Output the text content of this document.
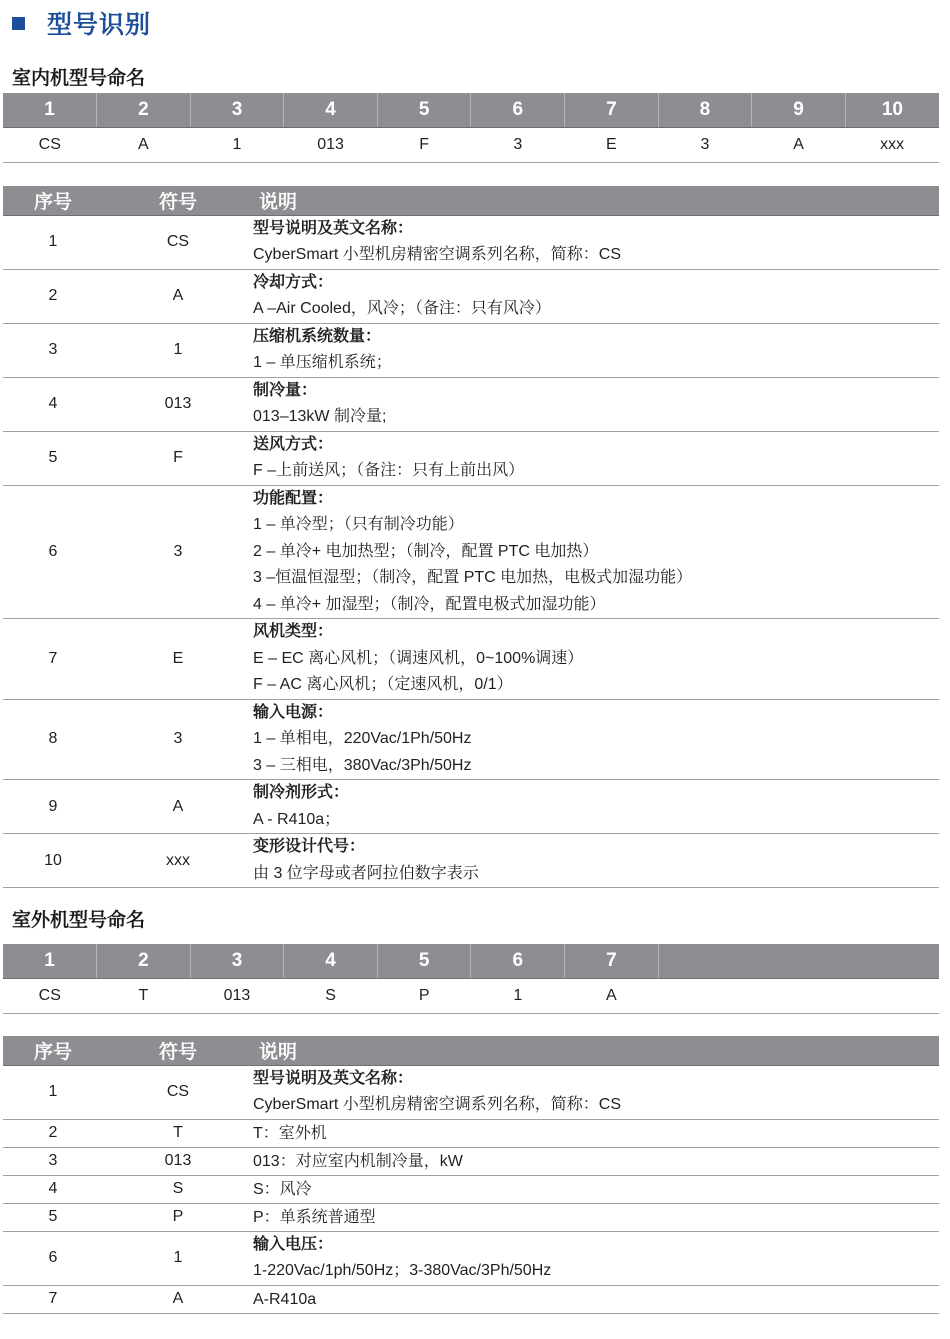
型号识别
室内机型号命名
1	2	3	4	5	6	7	8	9	10
CS	A	1	013	F	3	E	3	A	xxx
序号	符号	说明
1	CS	型号说明及英文名称：
CyberSmart 小型机房精密空调系列名称，简称：CS

2	A	冷却方式：
A –Air Cooled，风冷；（备注：只有风冷）

3	1	压缩机系统数量：
1 – 单压缩机系统；

4	013	制冷量：
013–13kW 制冷量;

5	F	送风方式：
F –上前送风；（备注：只有上前出风）

6	3	功能配置：
1 – 单冷型；（只有制冷功能）
2 – 单冷+ 电加热型；（制冷，配置 PTC 电加热）
3 –恒温恒湿型；（制冷，配置 PTC 电加热，电极式加湿功能）
4 – 单冷+ 加湿型；（制冷，配置电极式加湿功能）

7	E	风机类型：
E – EC 离心风机；（调速风机，0~100%调速）
F – AC 离心风机；（定速风机，0/1）

8	3	输入电源：
1 – 单相电，220Vac/1Ph/50Hz
3 – 三相电，380Vac/3Ph/50Hz

9	A	制冷剂形式：
A - R410a；

10	xxx	变形设计代号：
由 3 位字母或者阿拉伯数字表示
室外机型号命名
1	2	3	4	5	6	7	
CS	T	013	S	P	1	A	
序号	符号	说明
1	CS	型号说明及英文名称：
CyberSmart 小型机房精密空调系列名称，简称：CS

2	T	T：室外机

3	013	013：对应室内机制冷量，kW

4	S	S：风冷

5	P	P：单系统普通型

6	1	输入电压：
1-220Vac/1ph/50Hz；3-380Vac/3Ph/50Hz

7	A	A-R410a
